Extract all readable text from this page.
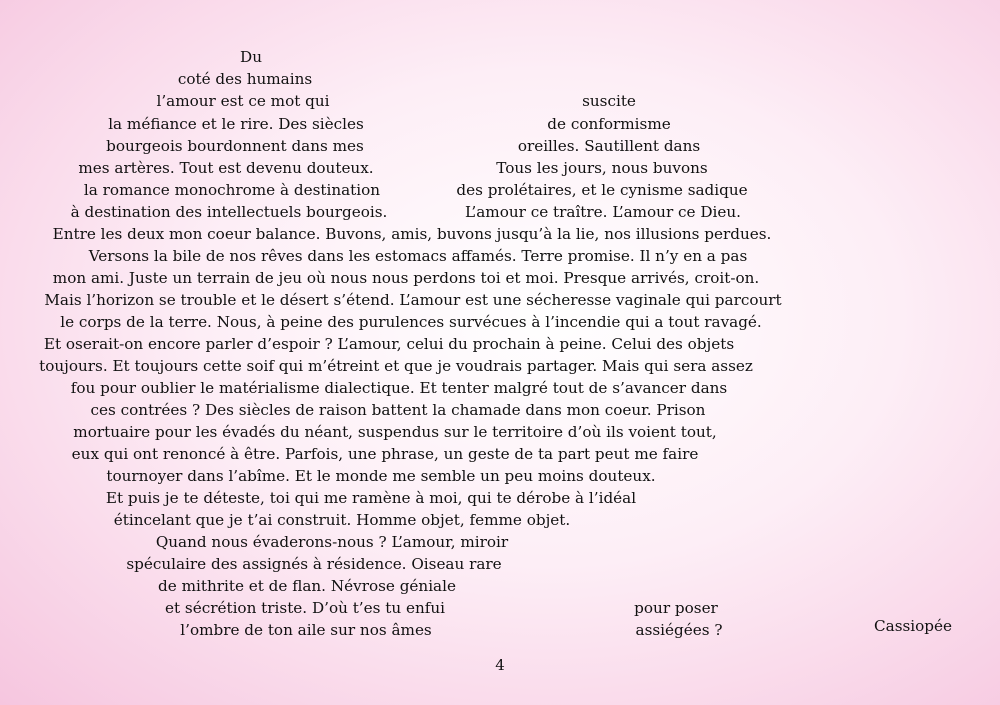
Du
coté des humains
l’amour est ce mot qui
la méfiance et le rire. Des siècles
bourgeois bourdonnent dans mes
mes artères. Tout est devenu douteux.
la romance monochrome à destination
à destination des intellectuels bourgeois.
Entre les deux mon coeur balance. Buvons, amis, buvons jusqu’à la lie, nos illusions perdues.
Versons la bile de nos rêves dans les estomacs affamés. Terre promise. Il n’y en a pas
mon ami. Juste un terrain de jeu où nous nous perdons toi et moi. Presque arrivés, croit-on.
Mais l’horizon se trouble et le désert s’étend. L’amour est une sécheresse vaginale qui parcourt
le corps de la terre. Nous, à peine des purulences survécues à l’incendie qui a tout ravagé.
Et oserait-on encore parler d’espoir ? L’amour, celui du prochain à peine. Celui des objets
toujours. Et toujours cette soif qui m’étreint et que je voudrais partager. Mais qui sera assez
fou pour oublier le matérialisme dialectique. Et tenter malgré tout de s’avancer dans
ces contrées ? Des siècles de raison battent la chamade dans mon coeur. Prison
mortuaire pour les évadés du néant, suspendus sur le territoire d’où ils voient tout,
eux qui ont renoncé à être. Parfois, une phrase, un geste de ta part peut me faire
tournoyer dans l’abîme. Et le monde me semble un peu moins douteux.
Et puis je te déteste, toi qui me ramène à moi, qui te dérobe à l’idéal
étincelant que je t’ai construit. Homme objet, femme objet.
Quand nous évaderons-nous ? L’amour, miroir
spéculaire des assignés à résidence. Oiseau rare
de mithrite et de flan. Névrose géniale
et sécrétion triste. D’où t’es tu enfui
l’ombre de ton aile sur nos âmes
suscite
de conformisme
oreilles. Sautillent dans
Tous les jours, nous buvons
des prolétaires, et le cynisme sadique
L’amour ce traître. L’amour ce Dieu.
pour poser
assiégées ?	Cassiopée
4
